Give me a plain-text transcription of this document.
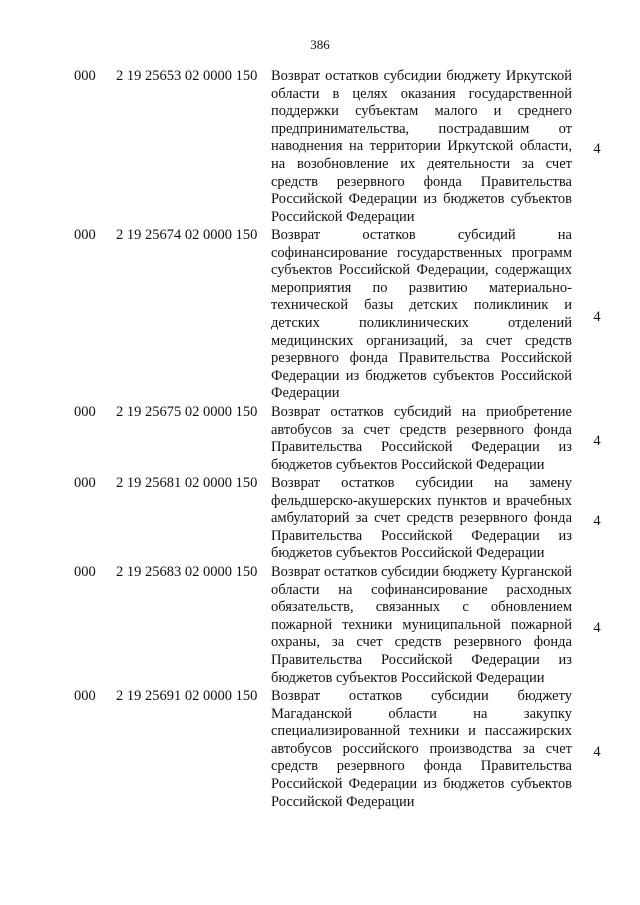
386
000 2 19 25653 02 0000 150 Возврат остатков субсидии бюджету Иркутской области в целях оказания государственной поддержки субъектам малого и среднего предпринимательства, пострадавшим от наводнения на территории Иркутской области, на возобновление их деятельности за счет средств резервного фонда Правительства Российской Федерации из бюджетов субъектов Российской Федерации
4
000 2 19 25674 02 0000 150 Возврат остатков субсидий на софинансирование государственных программ субъектов Российской Федерации, содержащих мероприятия по развитию материально-технической базы детских поликлиник и детских поликлинических отделений медицинских организаций, за счет средств резервного фонда Правительства Российской Федерации из бюджетов субъектов Российской Федерации
4
000 2 19 25675 02 0000 150 Возврат остатков субсидий на приобретение автобусов за счет средств резервного фонда Правительства Российской Федерации из бюджетов субъектов Российской Федерации
4
000 2 19 25681 02 0000 150 Возврат остатков субсидии на замену фельдшерско-акушерских пунктов и врачебных амбулаторий за счет средств резервного фонда Правительства Российской Федерации из бюджетов субъектов Российской Федерации
4
000 2 19 25683 02 0000 150 Возврат остатков субсидии бюджету Курганской области на софинансирование расходных обязательств, связанных с обновлением пожарной техники муниципальной пожарной охраны, за счет средств резервного фонда Правительства Российской Федерации из бюджетов субъектов Российской Федерации
4
000 2 19 25691 02 0000 150 Возврат остатков субсидии бюджету Магаданской области на закупку специализированной техники и пассажирских автобусов российского производства за счет средств резервного фонда Правительства Российской Федерации из бюджетов субъектов Российской Федерации
4
